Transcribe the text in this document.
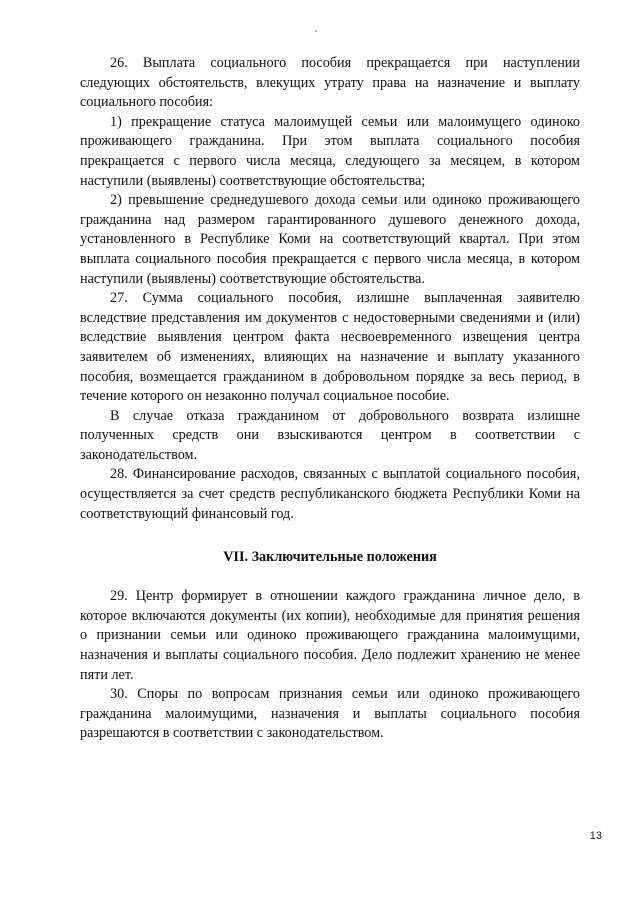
26. Выплата социального пособия прекращается при наступлении следующих обстоятельств, влекущих утрату права на назначение и выплату социального пособия:

1) прекращение статуса малоимущей семьи или малоимущего одиноко проживающего гражданина. При этом выплата социального пособия прекращается с первого числа месяца, следующего за месяцем, в котором наступили (выявлены) соответствующие обстоятельства;

2) превышение среднедушевого дохода семьи или одиноко проживающего гражданина над размером гарантированного душевого денежного дохода, установленного в Республике Коми на соответствующий квартал. При этом выплата социального пособия прекращается с первого числа месяца, в котором наступили (выявлены) соответствующие обстоятельства.

27. Сумма социального пособия, излишне выплаченная заявителю вследствие представления им документов с недостоверными сведениями и (или) вследствие выявления центром факта несвоевременного извещения центра заявителем об изменениях, влияющих на назначение и выплату указанного пособия, возмещается гражданином в добровольном порядке за весь период, в течение которого он незаконно получал социальное пособие.

В случае отказа гражданином от добровольного возврата излишне полученных средств они взыскиваются центром в соответствии с законодательством.

28. Финансирование расходов, связанных с выплатой социального пособия, осуществляется за счет средств республиканского бюджета Республики Коми на соответствующий финансовый год.

VII. Заключительные положения

29. Центр формирует в отношении каждого гражданина личное дело, в которое включаются документы (их копии), необходимые для принятия решения о признании семьи или одиноко проживающего гражданина малоимущими, назначения и выплаты социального пособия. Дело подлежит хранению не менее пяти лет.

30. Споры по вопросам признания семьи или одиноко проживающего гражданина малоимущими, назначения и выплаты социального пособия разрешаются в соответствии с законодательством.

13
